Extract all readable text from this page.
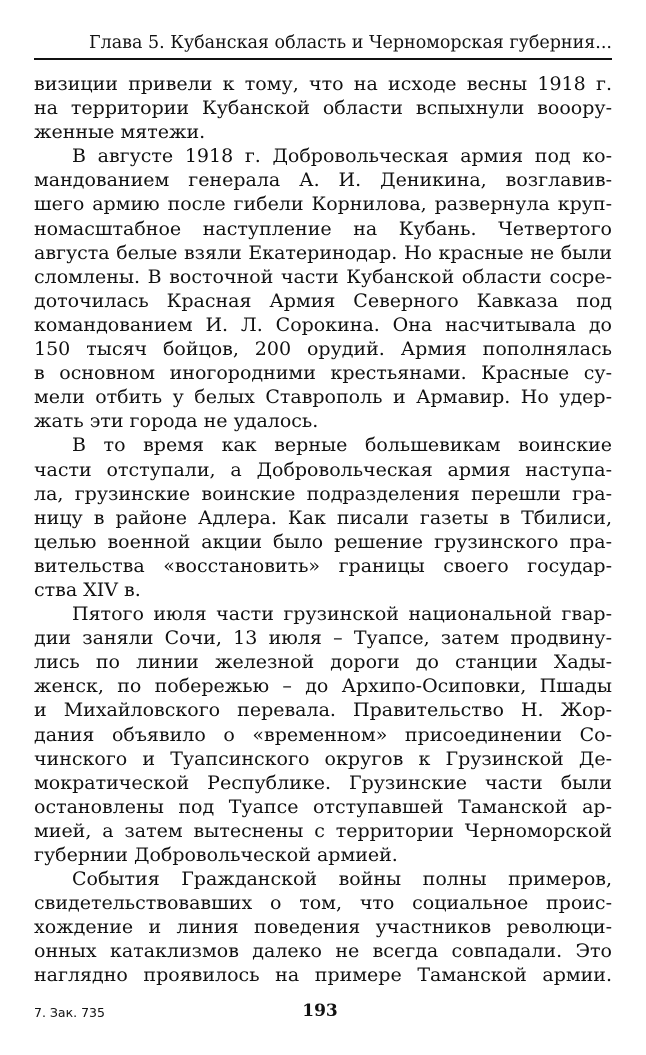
Глава 5. Кубанская область и Черноморская губерния...
визиции привели к тому, что на исходе весны 1918 г.
на территории Кубанской области вспыхнули вооору-
женные мятежи.
В августе 1918 г. Добровольческая армия под ко-
мандованием генерала А. И. Деникина, возглавив-
шего армию после гибели Корнилова, развернула круп-
номасштабное наступление на Кубань. Четвертого
августа белые взяли Екатеринодар. Но красные не были
сломлены. В восточной части Кубанской области сосре-
доточилась Красная Армия Северного Кавказа под
командованием И. Л. Сорокина. Она насчитывала до
150 тысяч бойцов, 200 орудий. Армия пополнялась
в основном иногородними крестьянами. Красные су-
мели отбить у белых Ставрополь и Армавир. Но удер-
жать эти города не удалось.
В то время как верные большевикам воинские
части отступали, а Добровольческая армия наступа-
ла, грузинские воинские подразделения перешли гра-
ницу в районе Адлера. Как писали газеты в Тбилиси,
целью военной акции было решение грузинского пра-
вительства «восстановить» границы своего государ-
ства XIV в.
Пятого июля части грузинской национальной гвар-
дии заняли Сочи, 13 июля – Туапсе, затем продвину-
лись по линии железной дороги до станции Хады-
женск, по побережью – до Архипо-Осиповки, Пшады
и Михайловского перевала. Правительство Н. Жор-
дания объявило о «временном» присоединении Со-
чинского и Туапсинского округов к Грузинской Де-
мократической Республике. Грузинские части были
остановлены под Туапсе отступавшей Таманской ар-
мией, а затем вытеснены с территории Черноморской
губернии Добровольческой армией.
События Гражданской войны полны примеров,
свидетельствовавших о том, что социальное проис-
хождение и линия поведения участников революци-
онных катаклизмов далеко не всегда совпадали. Это
наглядно проявилось на примере Таманской армии.
7. Зак. 735	193
